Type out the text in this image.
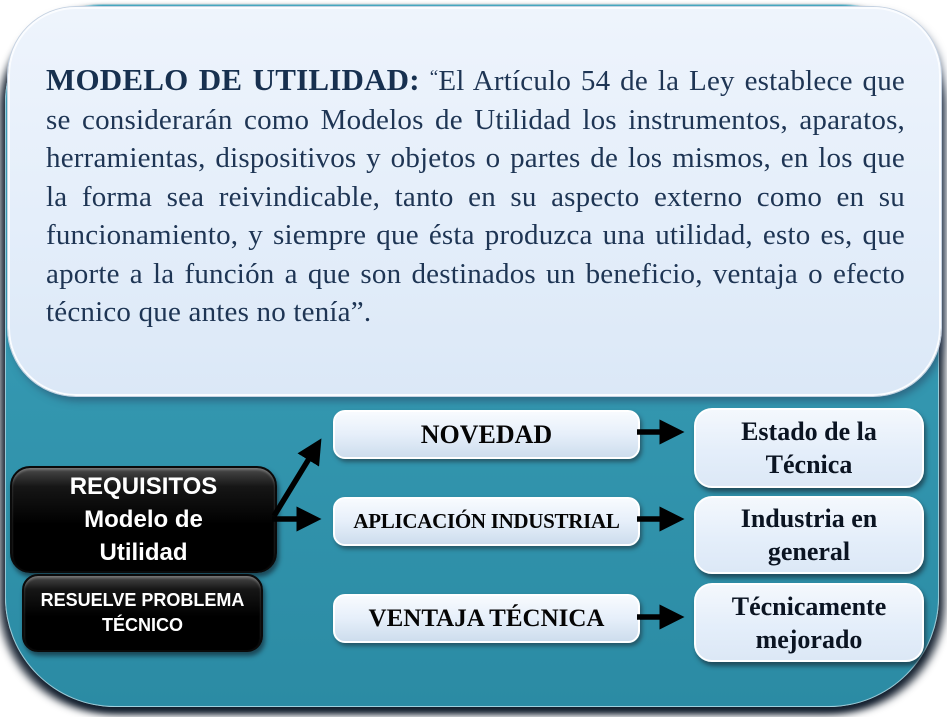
MODELO DE UTILIDAD: “El Artículo 54 de la Ley establece que se considerarán como Modelos de Utilidad los instrumentos, aparatos, herramientas, dispositivos y objetos o partes de los mismos, en los que la forma sea reivindicable, tanto en su aspecto externo como en su funcionamiento, y siempre que ésta produzca una utilidad, esto es, que aporte a la función a que son destinados un beneficio, ventaja o efecto técnico que antes no tenía”.
REQUISITOS
Modelo de
Utilidad
RESUELVE PROBLEMA
TÉCNICO
NOVEDAD
APLICACIÓN INDUSTRIAL
VENTAJA TÉCNICA
Estado de la Técnica
Industria en general
Técnicamente mejorado
